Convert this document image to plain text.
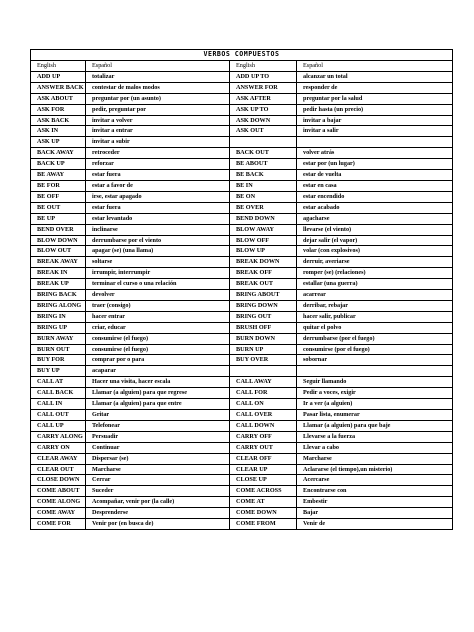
VERBOS COMPUESTOS			
English	Español	English	Español
ADD UP	totalizar	ADD UP TO	alcanzar un total
ANSWER BACK	contestar de malos modos	ANSWER FOR	responder de
ASK ABOUT	preguntar por (un asunto)	ASK AFTER	preguntar por la salud
ASK FOR	pedir, preguntar por	ASK UP TO	pedir hasta (un precio)
ASK BACK	invitar a volver	ASK DOWN	invitar a bajar
ASK IN	invitar a entrar	ASK OUT	invitar a salir
ASK UP	invitar a subir		
BACK AWAY	retroceder	BACK OUT	volver atrás
BACK UP	reforzar	BE ABOUT	estar por (un lugar)
BE AWAY	estar fuera	BE BACK	estar de vuelta
BE FOR	estar a favor de	BE IN	estar en casa
BE OFF	irse, estar apagado	BE ON	estar encendido
BE OUT	estar fuera	BE OVER	estar acabado
BE UP	estar levantado	BEND DOWN	agacharse
BEND OVER	inclinarse	BLOW AWAY	llevarse (el viento)
BLOW DOWN	derrumbarse por el viento	BLOW OFF	dejar salir (el vapor)
BLOW OUT	apagar (se) (una llama)	BLOW UP	volar (con explosivos)
BREAK AWAY	soltarse	BREAK DOWN	derruir, averiarse
BREAK IN	irrumpir, interrumpir	BREAK OFF	romper (se) (relaciones)
BREAK UP	terminar el curso o una relación	BREAK OUT	estallar (una guerra)
BRING BACK	devolver	BRING ABOUT	acarrear
BRING ALONG	traer (consigo)	BRING DOWN	derribar, rebajar
BRING IN	hacer entrar	BRING OUT	hacer salir, publicar
BRING UP	criar, educar	BRUSH OFF	quitar el polvo
BURN AWAY	consumirse (el fuego)	BURN DOWN	derrumbarse (por el fuego)
BURN OUT	consumirse (el fuego)	BURN UP	consumirse (por el fuego)
BUY FOR	comprar por o para	BUY OVER	sobornar
BUY UP	acaparar		
CALL AT	Hacer una visita, hacer escala	CALL AWAY	Seguir llamando
CALL BACK	Llamar (a alguien) para que regrese	CALL FOR	Pedir a voces, exigir
CALL IN	Llamar (a alguien) para que entre	CALL ON	Ir a ver (a alguien)
CALL OUT	Gritar	CALL OVER	Pasar lista, enumerar
CALL UP	Telefonear	CALL DOWN	Llamar (a alguien) para que baje
CARRY ALONG	Persuadir	CARRY OFF	Llevarse a la fuerza
CARRY ON	Continuar	CARRY OUT	Llevar a cabo
CLEAR AWAY	Dispersar (se)	CLEAR OFF	Marcharse
CLEAR OUT	Marcharse	CLEAR UP	Aclararse (el tiempo),un misterio)
CLOSE DOWN	Cerrar	CLOSE UP	Acercarse
COME ABOUT	Suceder	COME ACROSS	Encontrarse con
COME ALONG	Acompañar, venir por (la calle)	COME AT	Embestir
COME AWAY	Desprenderse	COME DOWN	Bajar
COME FOR	Venir por (en busca de)	COME FROM	Venir de
